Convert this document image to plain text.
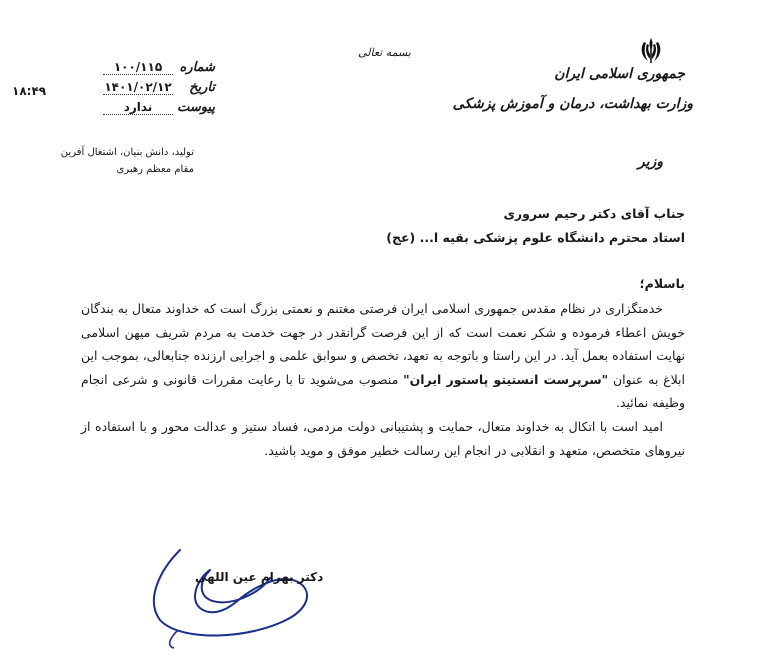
جمهوری اسلامی ایران
وزارت بهداشت، درمان و آموزش پزشکی
وزیر
بسمه تعالی
شماره
۱۰۰/۱۱۵
تاریخ
۱۴۰۱/۰۲/۱۲
پیوست
ندارد
۱۸:۴۹
تولید، دانش بنیان، اشتغال آفرین
مقام معظم رهبری
جناب آقای دکتر رحیم سروری
استاد محترم دانشگاه علوم پزشکی بقیه ا... (عج)
باسلام؛

خدمتگزاری در نظام مقدس جمهوری اسلامی ایران فرصتی مغتنم و نعمتی بزرگ است که خداوند متعال به بندگان خویش اعطاء فرموده و شکر نعمت است که از این فرصت گرانقدر در جهت خدمت به مردم شریف میهن اسلامی نهایت استفاده بعمل آید. در این راستا و باتوجه به تعهد، تخصص و سوابق علمی و اجرایی ارزنده جنابعالی، بموجب این ابلاغ به عنوان "سرپرست انستیتو پاستور ایران" منصوب می‌شوید تا با رعایت مقررات قانونی و شرعی انجام وظیفه نمائید.

امید است با اتکال به خداوند متعال، حمایت و پشتیبانی دولت مردمی، فساد ستیز و عدالت محور و با استفاده از نیروهای متخصص، متعهد و انقلابی در انجام این رسالت خطیر موفق و موید باشید.

دکتر بهرام عین اللهی
